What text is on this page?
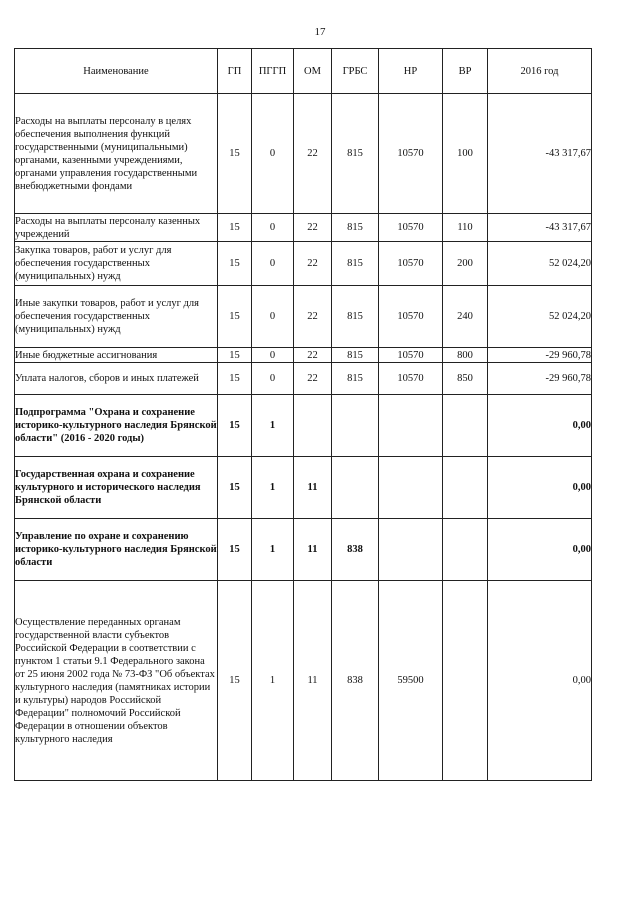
17
Наименование	ГП	ПГГП	ОМ	ГРБС	НР	ВР	2016 год
Расходы на выплаты персоналу в целях обеспечения выполнения функций государственными (муниципальными) органами, казенными учреждениями, органами управления государственными внебюджетными фондами	15	0	22	815	10570	100	-43 317,67
Расходы на выплаты персоналу казенных учреждений	15	0	22	815	10570	110	-43 317,67
Закупка товаров, работ и услуг для обеспечения государственных (муниципальных) нужд	15	0	22	815	10570	200	52 024,20
Иные закупки товаров, работ и услуг для обеспечения государственных (муниципальных) нужд	15	0	22	815	10570	240	52 024,20
Иные бюджетные ассигнования	15	0	22	815	10570	800	-29 960,78
Уплата налогов, сборов и иных платежей	15	0	22	815	10570	850	-29 960,78
Подпрограмма "Охрана и сохранение историко-культурного наследия Брянской области" (2016 - 2020 годы)	15	1					0,00
Государственная охрана и сохранение культурного и исторического наследия Брянской области	15	1	11				0,00
Управление по охране и сохранению историко-культурного наследия Брянской области	15	1	11	838			0,00
Осуществление переданных органам государственной власти субъектов Российской Федерации в соответствии с пунктом 1 статьи 9.1 Федерального закона от 25 июня 2002 года № 73-ФЗ "Об объектах культурного наследия (памятниках истории и культуры) народов Российской Федерации" полномочий Российской Федерации в отношении объектов культурного наследия	15	1	11	838	59500		0,00
